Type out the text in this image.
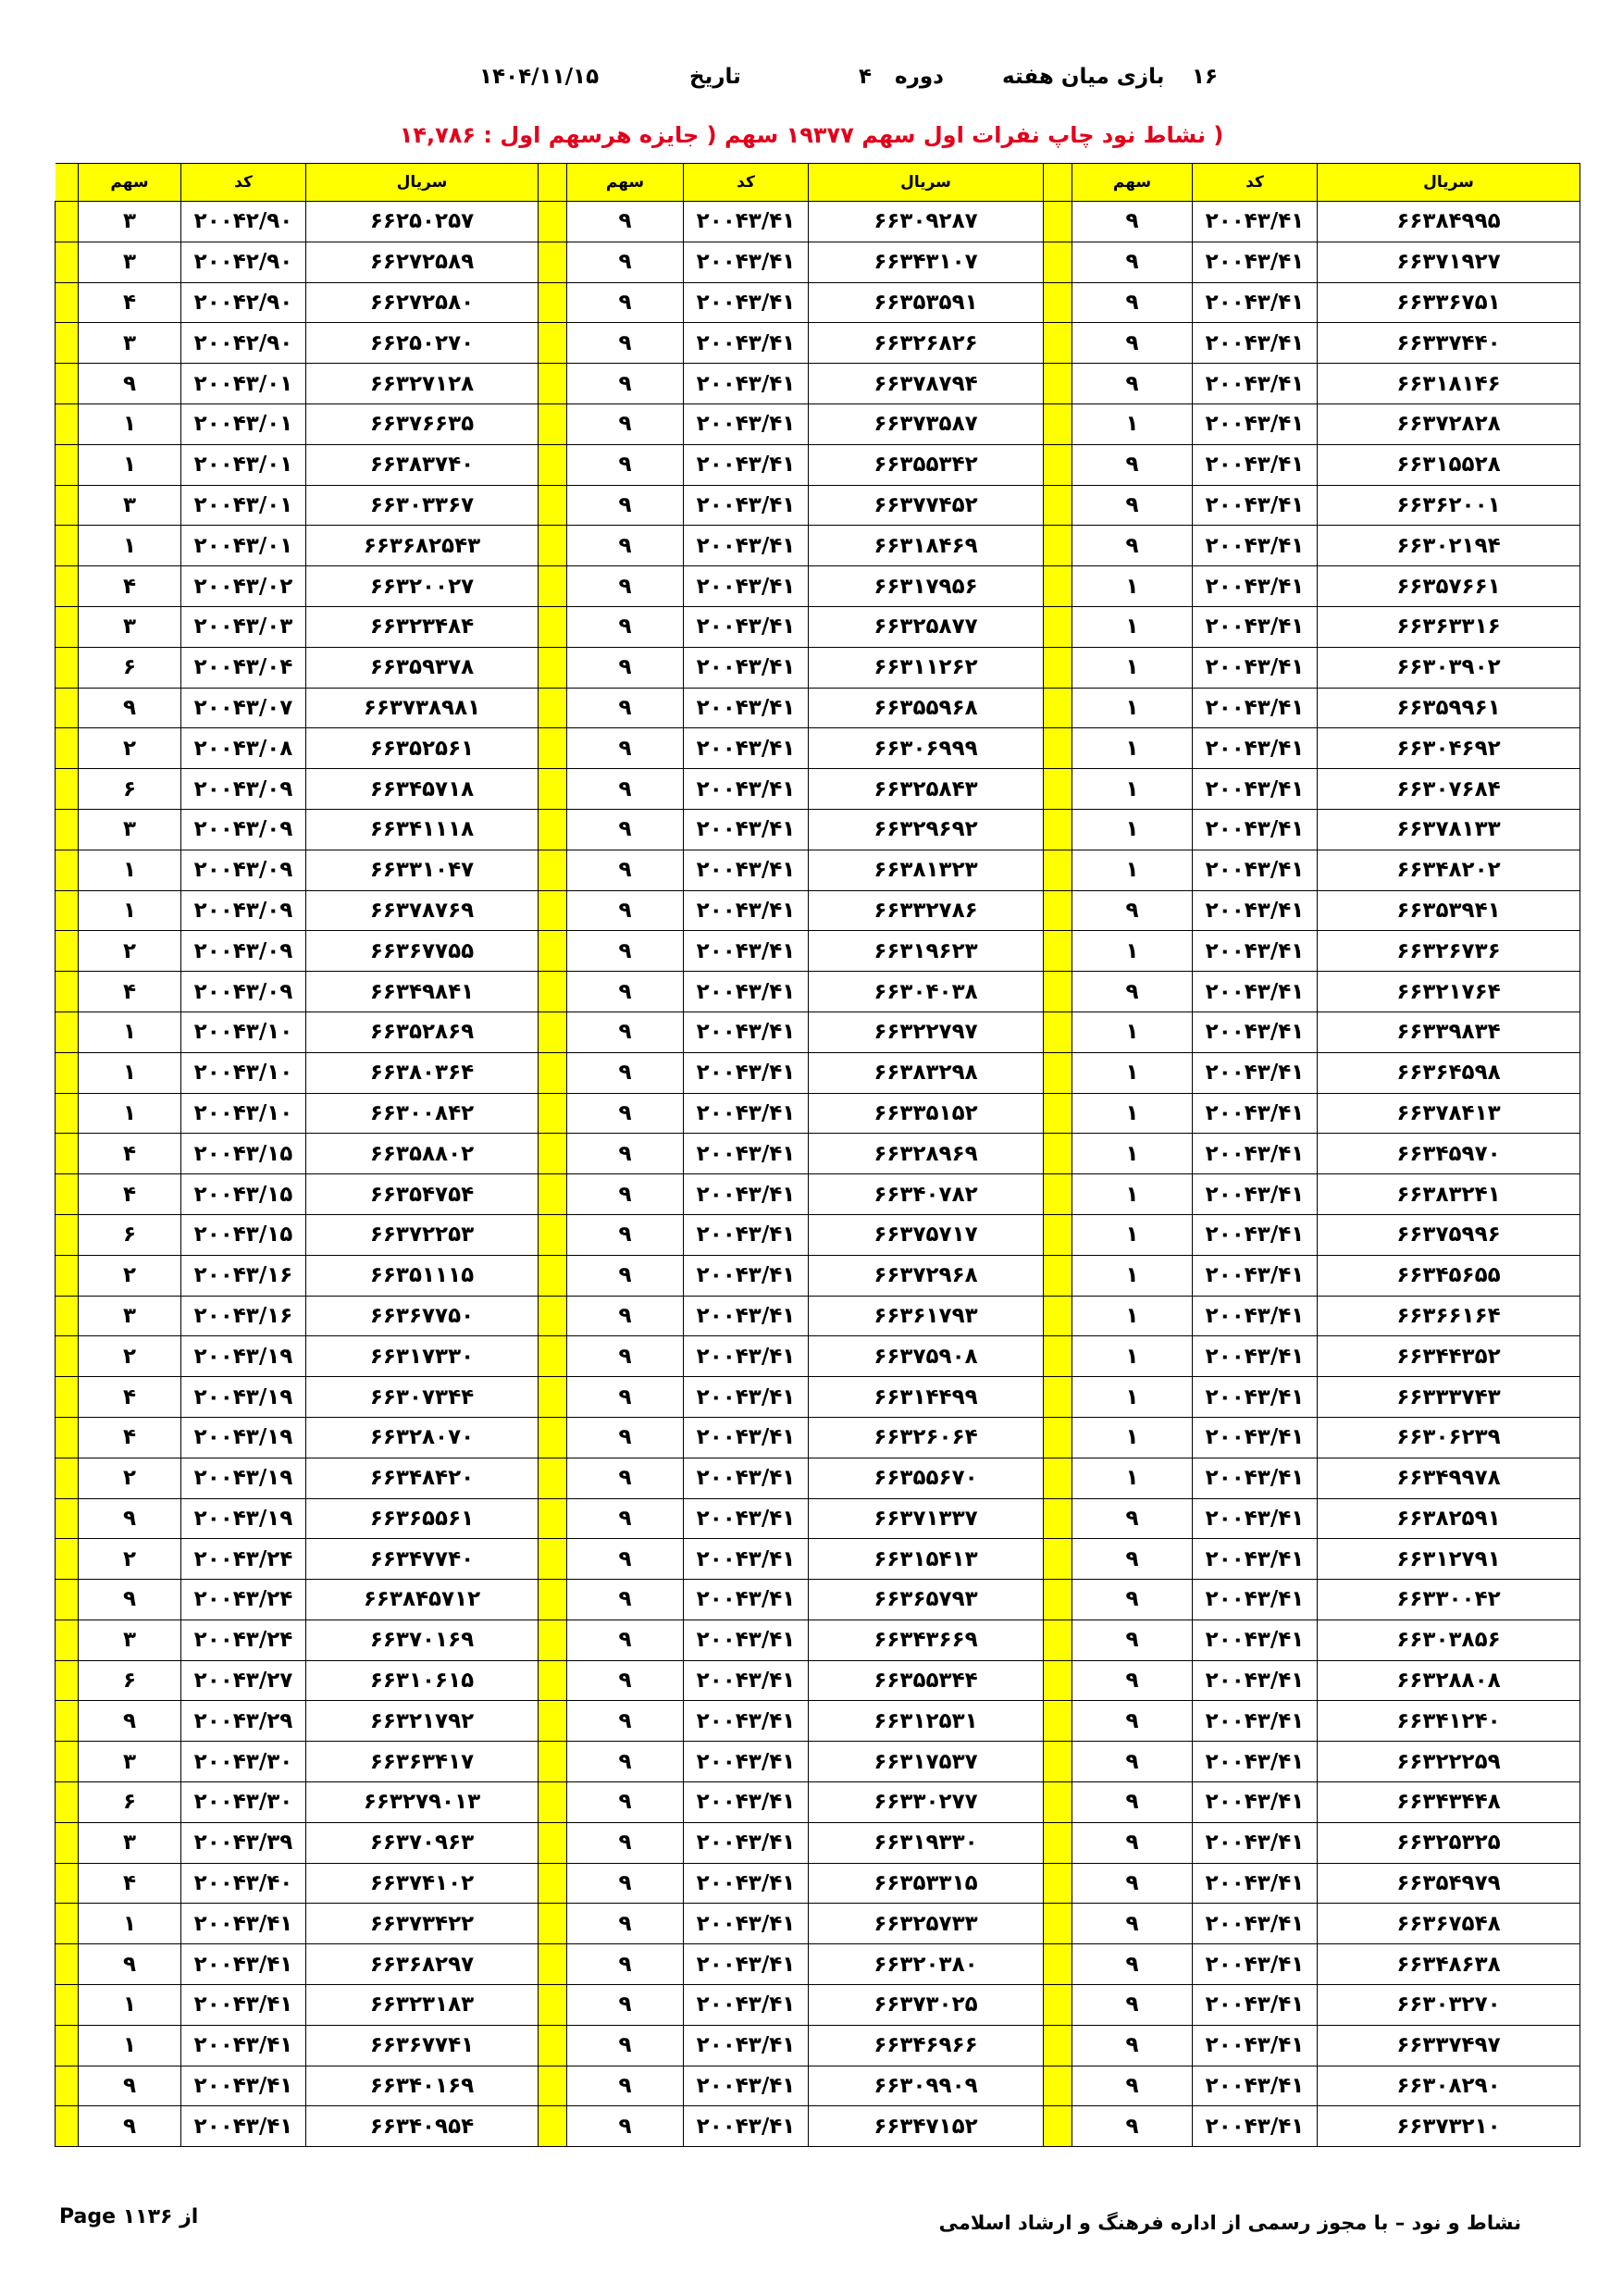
۱۶
بازی میان هفته
دوره
۴
تاریخ
۱۴۰۴/۱۱/۱۵
( نشاط نود چاپ نفرات اول سهم ۱۹۳۷۷ سهم ( جایزه هرسهم اول : ۱۴,۷۸۶
	سهم	کد	سریال		سهم	کد	سریال		سهم	کد	سریال
	۳	۲۰۰۴۲/۹۰	۶۶۲۵۰۲۵۷		۹	۲۰۰۴۳/۴۱	۶۶۳۰۹۲۸۷		۹	۲۰۰۴۳/۴۱	۶۶۳۸۴۹۹۵
	۳	۲۰۰۴۲/۹۰	۶۶۲۷۲۵۸۹		۹	۲۰۰۴۳/۴۱	۶۶۳۴۳۱۰۷		۹	۲۰۰۴۳/۴۱	۶۶۳۷۱۹۲۷
	۴	۲۰۰۴۲/۹۰	۶۶۲۷۲۵۸۰		۹	۲۰۰۴۳/۴۱	۶۶۳۵۳۵۹۱		۹	۲۰۰۴۳/۴۱	۶۶۳۳۶۷۵۱
	۳	۲۰۰۴۲/۹۰	۶۶۲۵۰۲۷۰		۹	۲۰۰۴۳/۴۱	۶۶۳۲۶۸۲۶		۹	۲۰۰۴۳/۴۱	۶۶۳۳۷۴۴۰
	۹	۲۰۰۴۳/۰۱	۶۶۳۲۷۱۲۸		۹	۲۰۰۴۳/۴۱	۶۶۳۷۸۷۹۴		۹	۲۰۰۴۳/۴۱	۶۶۳۱۸۱۴۶
	۱	۲۰۰۴۳/۰۱	۶۶۳۷۶۶۳۵		۹	۲۰۰۴۳/۴۱	۶۶۳۷۳۵۸۷		۱	۲۰۰۴۳/۴۱	۶۶۳۷۲۸۲۸
	۱	۲۰۰۴۳/۰۱	۶۶۳۸۳۷۴۰		۹	۲۰۰۴۳/۴۱	۶۶۳۵۵۳۴۲		۹	۲۰۰۴۳/۴۱	۶۶۳۱۵۵۲۸
	۳	۲۰۰۴۳/۰۱	۶۶۳۰۳۳۶۷		۹	۲۰۰۴۳/۴۱	۶۶۳۷۷۴۵۲		۹	۲۰۰۴۳/۴۱	۶۶۳۶۲۰۰۱
	۱	۲۰۰۴۳/۰۱	۶۶۳۶۸۲۵۴۳		۹	۲۰۰۴۳/۴۱	۶۶۳۱۸۴۶۹		۹	۲۰۰۴۳/۴۱	۶۶۳۰۲۱۹۴
	۴	۲۰۰۴۳/۰۲	۶۶۳۲۰۰۲۷		۹	۲۰۰۴۳/۴۱	۶۶۳۱۷۹۵۶		۱	۲۰۰۴۳/۴۱	۶۶۳۵۷۶۶۱
	۳	۲۰۰۴۳/۰۳	۶۶۳۲۳۴۸۴		۹	۲۰۰۴۳/۴۱	۶۶۳۲۵۸۷۷		۱	۲۰۰۴۳/۴۱	۶۶۳۶۳۳۱۶
	۶	۲۰۰۴۳/۰۴	۶۶۳۵۹۳۷۸		۹	۲۰۰۴۳/۴۱	۶۶۳۱۱۲۶۲		۱	۲۰۰۴۳/۴۱	۶۶۳۰۳۹۰۲
	۹	۲۰۰۴۳/۰۷	۶۶۳۷۳۸۹۸۱		۹	۲۰۰۴۳/۴۱	۶۶۳۵۵۹۶۸		۱	۲۰۰۴۳/۴۱	۶۶۳۵۹۹۶۱
	۲	۲۰۰۴۳/۰۸	۶۶۳۵۲۵۶۱		۹	۲۰۰۴۳/۴۱	۶۶۳۰۶۹۹۹		۱	۲۰۰۴۳/۴۱	۶۶۳۰۴۶۹۲
	۶	۲۰۰۴۳/۰۹	۶۶۳۴۵۷۱۸		۹	۲۰۰۴۳/۴۱	۶۶۳۲۵۸۴۳		۱	۲۰۰۴۳/۴۱	۶۶۳۰۷۶۸۴
	۳	۲۰۰۴۳/۰۹	۶۶۳۴۱۱۱۸		۹	۲۰۰۴۳/۴۱	۶۶۳۲۹۶۹۲		۱	۲۰۰۴۳/۴۱	۶۶۳۷۸۱۳۳
	۱	۲۰۰۴۳/۰۹	۶۶۳۳۱۰۴۷		۹	۲۰۰۴۳/۴۱	۶۶۳۸۱۳۲۳		۱	۲۰۰۴۳/۴۱	۶۶۳۴۸۲۰۲
	۱	۲۰۰۴۳/۰۹	۶۶۳۷۸۷۶۹		۹	۲۰۰۴۳/۴۱	۶۶۳۳۲۷۸۶		۹	۲۰۰۴۳/۴۱	۶۶۳۵۳۹۴۱
	۲	۲۰۰۴۳/۰۹	۶۶۳۶۷۷۵۵		۹	۲۰۰۴۳/۴۱	۶۶۳۱۹۶۲۳		۱	۲۰۰۴۳/۴۱	۶۶۳۲۶۷۳۶
	۴	۲۰۰۴۳/۰۹	۶۶۳۴۹۸۴۱		۹	۲۰۰۴۳/۴۱	۶۶۳۰۴۰۳۸		۹	۲۰۰۴۳/۴۱	۶۶۳۲۱۷۶۴
	۱	۲۰۰۴۳/۱۰	۶۶۳۵۲۸۶۹		۹	۲۰۰۴۳/۴۱	۶۶۳۲۲۷۹۷		۱	۲۰۰۴۳/۴۱	۶۶۳۳۹۸۳۴
	۱	۲۰۰۴۳/۱۰	۶۶۳۸۰۳۶۴		۹	۲۰۰۴۳/۴۱	۶۶۳۸۳۲۹۸		۱	۲۰۰۴۳/۴۱	۶۶۳۶۴۵۹۸
	۱	۲۰۰۴۳/۱۰	۶۶۳۰۰۸۴۲		۹	۲۰۰۴۳/۴۱	۶۶۳۳۵۱۵۲		۱	۲۰۰۴۳/۴۱	۶۶۳۷۸۴۱۳
	۴	۲۰۰۴۳/۱۵	۶۶۳۵۸۸۰۲		۹	۲۰۰۴۳/۴۱	۶۶۳۲۸۹۶۹		۱	۲۰۰۴۳/۴۱	۶۶۳۴۵۹۷۰
	۴	۲۰۰۴۳/۱۵	۶۶۳۵۴۷۵۴		۹	۲۰۰۴۳/۴۱	۶۶۳۴۰۷۸۲		۱	۲۰۰۴۳/۴۱	۶۶۳۸۳۲۴۱
	۶	۲۰۰۴۳/۱۵	۶۶۳۷۲۲۵۳		۹	۲۰۰۴۳/۴۱	۶۶۳۷۵۷۱۷		۱	۲۰۰۴۳/۴۱	۶۶۳۷۵۹۹۶
	۲	۲۰۰۴۳/۱۶	۶۶۳۵۱۱۱۵		۹	۲۰۰۴۳/۴۱	۶۶۳۷۲۹۶۸		۱	۲۰۰۴۳/۴۱	۶۶۳۴۵۶۵۵
	۳	۲۰۰۴۳/۱۶	۶۶۳۶۷۷۵۰		۹	۲۰۰۴۳/۴۱	۶۶۳۶۱۷۹۳		۱	۲۰۰۴۳/۴۱	۶۶۳۶۶۱۶۴
	۲	۲۰۰۴۳/۱۹	۶۶۳۱۷۳۳۰		۹	۲۰۰۴۳/۴۱	۶۶۳۷۵۹۰۸		۱	۲۰۰۴۳/۴۱	۶۶۳۴۴۳۵۲
	۴	۲۰۰۴۳/۱۹	۶۶۳۰۷۳۴۴		۹	۲۰۰۴۳/۴۱	۶۶۳۱۴۴۹۹		۱	۲۰۰۴۳/۴۱	۶۶۳۳۳۷۴۳
	۴	۲۰۰۴۳/۱۹	۶۶۳۲۸۰۷۰		۹	۲۰۰۴۳/۴۱	۶۶۳۲۶۰۶۴		۱	۲۰۰۴۳/۴۱	۶۶۳۰۶۲۳۹
	۲	۲۰۰۴۳/۱۹	۶۶۳۴۸۴۲۰		۹	۲۰۰۴۳/۴۱	۶۶۳۵۵۶۷۰		۱	۲۰۰۴۳/۴۱	۶۶۳۴۹۹۷۸
	۹	۲۰۰۴۳/۱۹	۶۶۳۶۵۵۶۱		۹	۲۰۰۴۳/۴۱	۶۶۳۷۱۳۳۷		۹	۲۰۰۴۳/۴۱	۶۶۳۸۲۵۹۱
	۲	۲۰۰۴۳/۲۴	۶۶۳۴۷۷۴۰		۹	۲۰۰۴۳/۴۱	۶۶۳۱۵۴۱۳		۹	۲۰۰۴۳/۴۱	۶۶۳۱۲۷۹۱
	۹	۲۰۰۴۳/۲۴	۶۶۳۸۴۵۷۱۲		۹	۲۰۰۴۳/۴۱	۶۶۳۶۵۷۹۳		۹	۲۰۰۴۳/۴۱	۶۶۳۳۰۰۴۲
	۳	۲۰۰۴۳/۲۴	۶۶۳۷۰۱۶۹		۹	۲۰۰۴۳/۴۱	۶۶۳۴۳۶۶۹		۹	۲۰۰۴۳/۴۱	۶۶۳۰۳۸۵۶
	۶	۲۰۰۴۳/۲۷	۶۶۳۱۰۶۱۵		۹	۲۰۰۴۳/۴۱	۶۶۳۵۵۳۴۴		۹	۲۰۰۴۳/۴۱	۶۶۳۲۸۸۰۸
	۹	۲۰۰۴۳/۲۹	۶۶۳۲۱۷۹۲		۹	۲۰۰۴۳/۴۱	۶۶۳۱۲۵۳۱		۹	۲۰۰۴۳/۴۱	۶۶۳۴۱۲۴۰
	۳	۲۰۰۴۳/۳۰	۶۶۳۶۳۴۱۷		۹	۲۰۰۴۳/۴۱	۶۶۳۱۷۵۳۷		۹	۲۰۰۴۳/۴۱	۶۶۳۲۲۲۵۹
	۶	۲۰۰۴۳/۳۰	۶۶۳۲۷۹۰۱۳		۹	۲۰۰۴۳/۴۱	۶۶۳۳۰۲۷۷		۹	۲۰۰۴۳/۴۱	۶۶۳۴۳۴۴۸
	۳	۲۰۰۴۳/۳۹	۶۶۳۷۰۹۶۳		۹	۲۰۰۴۳/۴۱	۶۶۳۱۹۳۳۰		۹	۲۰۰۴۳/۴۱	۶۶۳۲۵۳۲۵
	۴	۲۰۰۴۳/۴۰	۶۶۳۷۴۱۰۲		۹	۲۰۰۴۳/۴۱	۶۶۳۵۳۳۱۵		۹	۲۰۰۴۳/۴۱	۶۶۳۵۴۹۷۹
	۱	۲۰۰۴۳/۴۱	۶۶۳۷۳۴۲۲		۹	۲۰۰۴۳/۴۱	۶۶۳۲۵۷۳۳		۹	۲۰۰۴۳/۴۱	۶۶۳۶۷۵۴۸
	۹	۲۰۰۴۳/۴۱	۶۶۳۶۸۲۹۷		۹	۲۰۰۴۳/۴۱	۶۶۳۲۰۳۸۰		۹	۲۰۰۴۳/۴۱	۶۶۳۴۸۶۳۸
	۱	۲۰۰۴۳/۴۱	۶۶۳۲۳۱۸۳		۹	۲۰۰۴۳/۴۱	۶۶۳۷۳۰۲۵		۹	۲۰۰۴۳/۴۱	۶۶۳۰۳۲۷۰
	۱	۲۰۰۴۳/۴۱	۶۶۳۶۷۷۴۱		۹	۲۰۰۴۳/۴۱	۶۶۳۴۶۹۶۶		۹	۲۰۰۴۳/۴۱	۶۶۳۳۷۴۹۷
	۹	۲۰۰۴۳/۴۱	۶۶۳۴۰۱۶۹		۹	۲۰۰۴۳/۴۱	۶۶۳۰۹۹۰۹		۹	۲۰۰۴۳/۴۱	۶۶۳۰۸۲۹۰
	۹	۲۰۰۴۳/۴۱	۶۶۳۴۰۹۵۴		۹	۲۰۰۴۳/۴۱	۶۶۳۴۷۱۵۲		۹	۲۰۰۴۳/۴۱	۶۶۳۷۳۲۱۰
Page از ۱۱۳۶	نشاط و نود – با مجوز رسمی از اداره فرهنگ و ارشاد اسلامی
